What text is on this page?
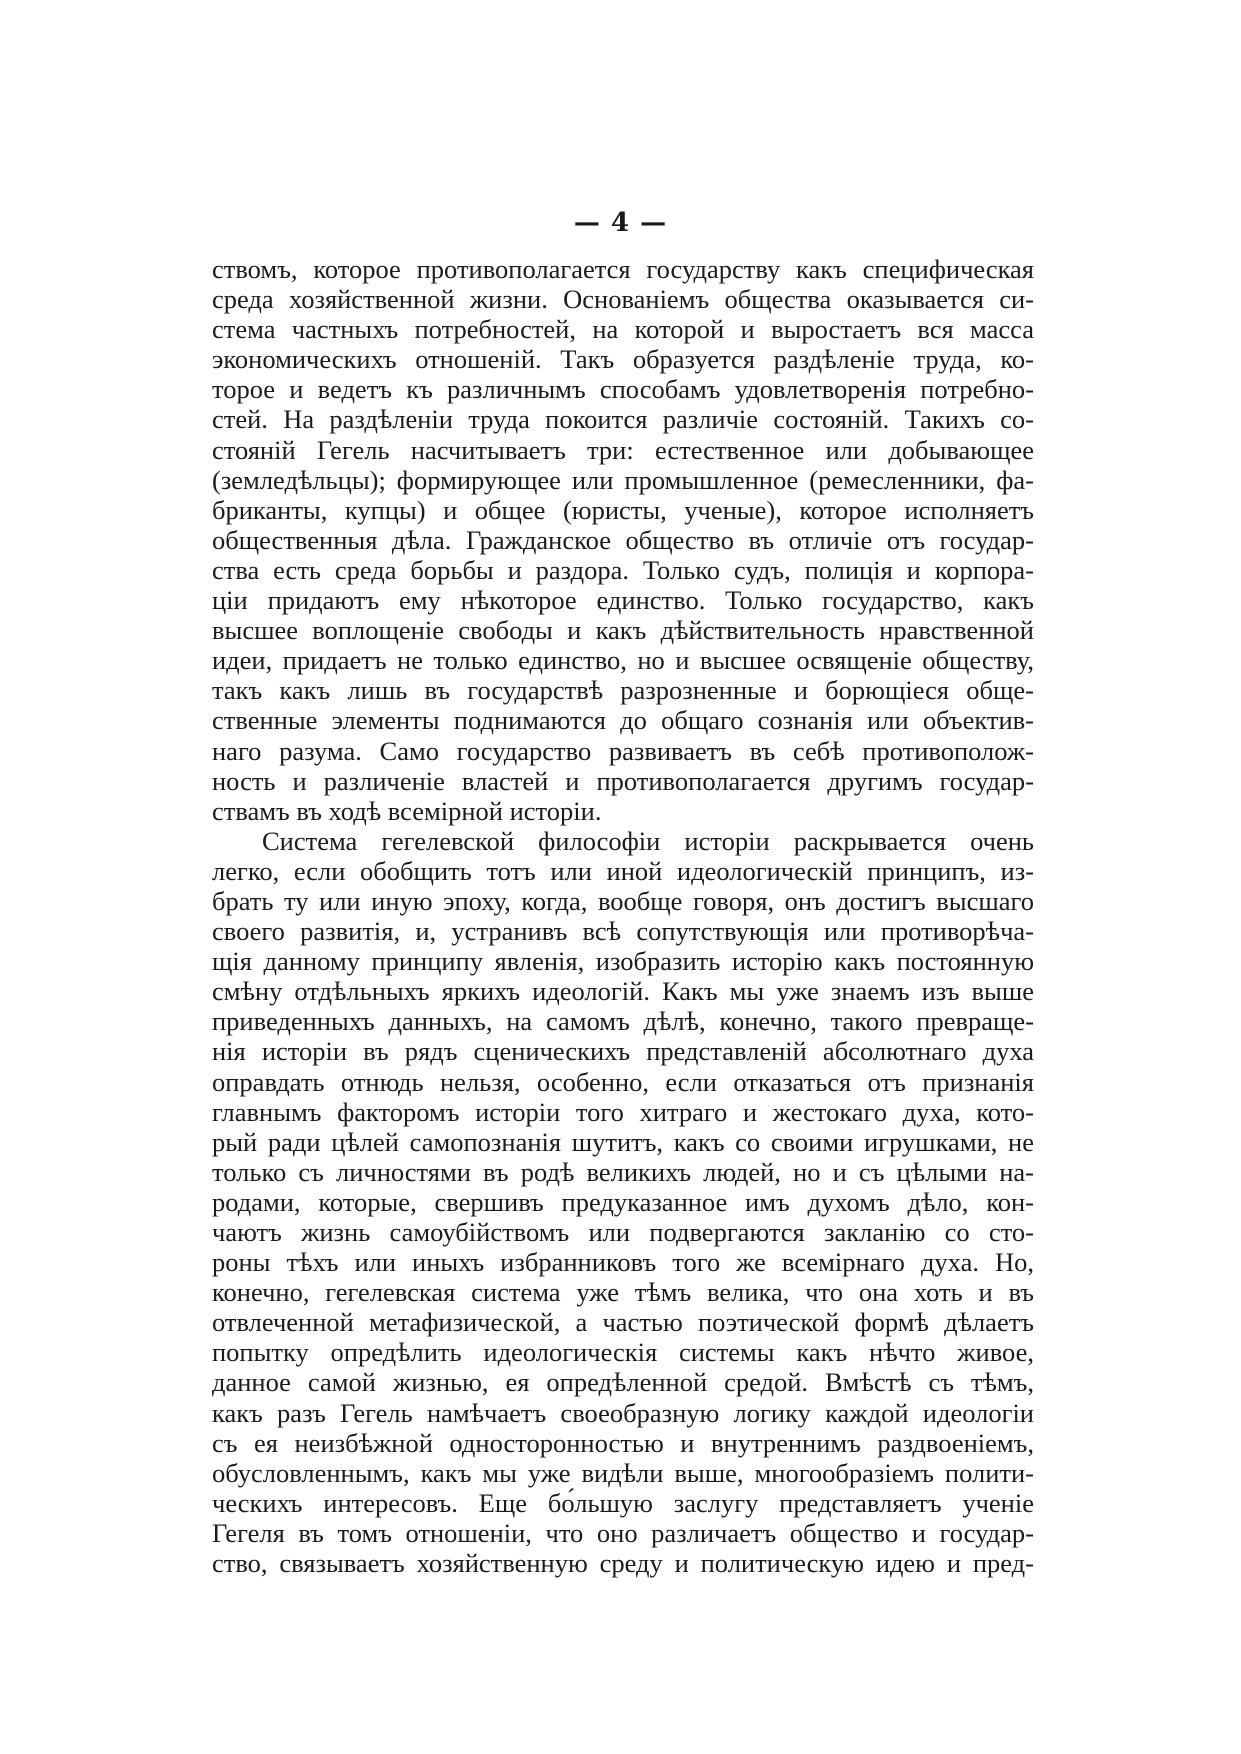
— 4 —
ствомъ, которое противополагается государству какъ специфическая
среда хозяйственной жизни. Основаніемъ общества оказывается си-
стема частныхъ потребностей, на которой и выростаетъ вся масса
экономическихъ отношеній. Такъ образуется раздѣленіе труда, ко-
торое и ведетъ къ различнымъ способамъ удовлетворенія потребно-
стей. На раздѣленіи труда покоится различіе состояній. Такихъ со-
стояній Гегель насчитываетъ три: естественное или добывающее
(земледѣльцы); формирующее или промышленное (ремесленники, фа-
бриканты, купцы) и общее (юристы, ученые), которое исполняетъ
общественныя дѣла. Гражданское общество въ отличіе отъ государ-
ства есть среда борьбы и раздора. Только судъ, полиція и корпора-
ціи придаютъ ему нѣкоторое единство. Только государство, какъ
высшее воплощеніе свободы и какъ дѣйствительность нравственной
идеи, придаетъ не только единство, но и высшее освященіе обществу,
такъ какъ лишь въ государствѣ разрозненные и борющіеся обще-
ственные элементы поднимаются до общаго сознанія или объектив-
наго разума. Само государство развиваетъ въ себѣ противополож-
ность и различеніе властей и противополагается другимъ государ-
ствамъ въ ходѣ всемірной исторіи.
Система гегелевской философіи исторіи раскрывается очень
легко, если обобщить тотъ или иной идеологическій принципъ, из-
брать ту или иную эпоху, когда, вообще говоря, онъ достигъ высшаго
своего развитія, и, устранивъ всѣ сопутствующія или противорѣча-
щія данному принципу явленія, изобразить исторію какъ постоянную
смѣну отдѣльныхъ яркихъ идеологій. Какъ мы уже знаемъ изъ выше
приведенныхъ данныхъ, на самомъ дѣлѣ, конечно, такого превраще-
нія исторіи въ рядъ сценическихъ представленій абсолютнаго духа
оправдать отнюдь нельзя, особенно, если отказаться отъ признанія
главнымъ факторомъ исторіи того хитраго и жестокаго духа, кото-
рый ради цѣлей самопознанія шутитъ, какъ со своими игрушками, не
только съ личностями въ родѣ великихъ людей, но и съ цѣлыми на-
родами, которые, свершивъ предуказанное имъ духомъ дѣло, кон-
чаютъ жизнь самоубійствомъ или подвергаются закланію со сто-
роны тѣхъ или иныхъ избранниковъ того же всемірнаго духа. Но,
конечно, гегелевская система уже тѣмъ велика, что она хоть и въ
отвлеченной метафизической, а частью поэтической формѣ дѣлаетъ
попытку опредѣлить идеологическія системы какъ нѣчто живое,
данное самой жизнью, ея опредѣленной средой. Вмѣстѣ съ тѣмъ,
какъ разъ Гегель намѣчаетъ своеобразную логику каждой идеологіи
съ ея неизбѣжной односторонностью и внутреннимъ раздвоеніемъ,
обусловленнымъ, какъ мы уже видѣли выше, многообразіемъ полити-
ческихъ интересовъ. Еще бо́льшую заслугу представляетъ ученіе
Гегеля въ томъ отношеніи, что оно различаетъ общество и государ-
ство, связываетъ хозяйственную среду и политическую идею и пред-
